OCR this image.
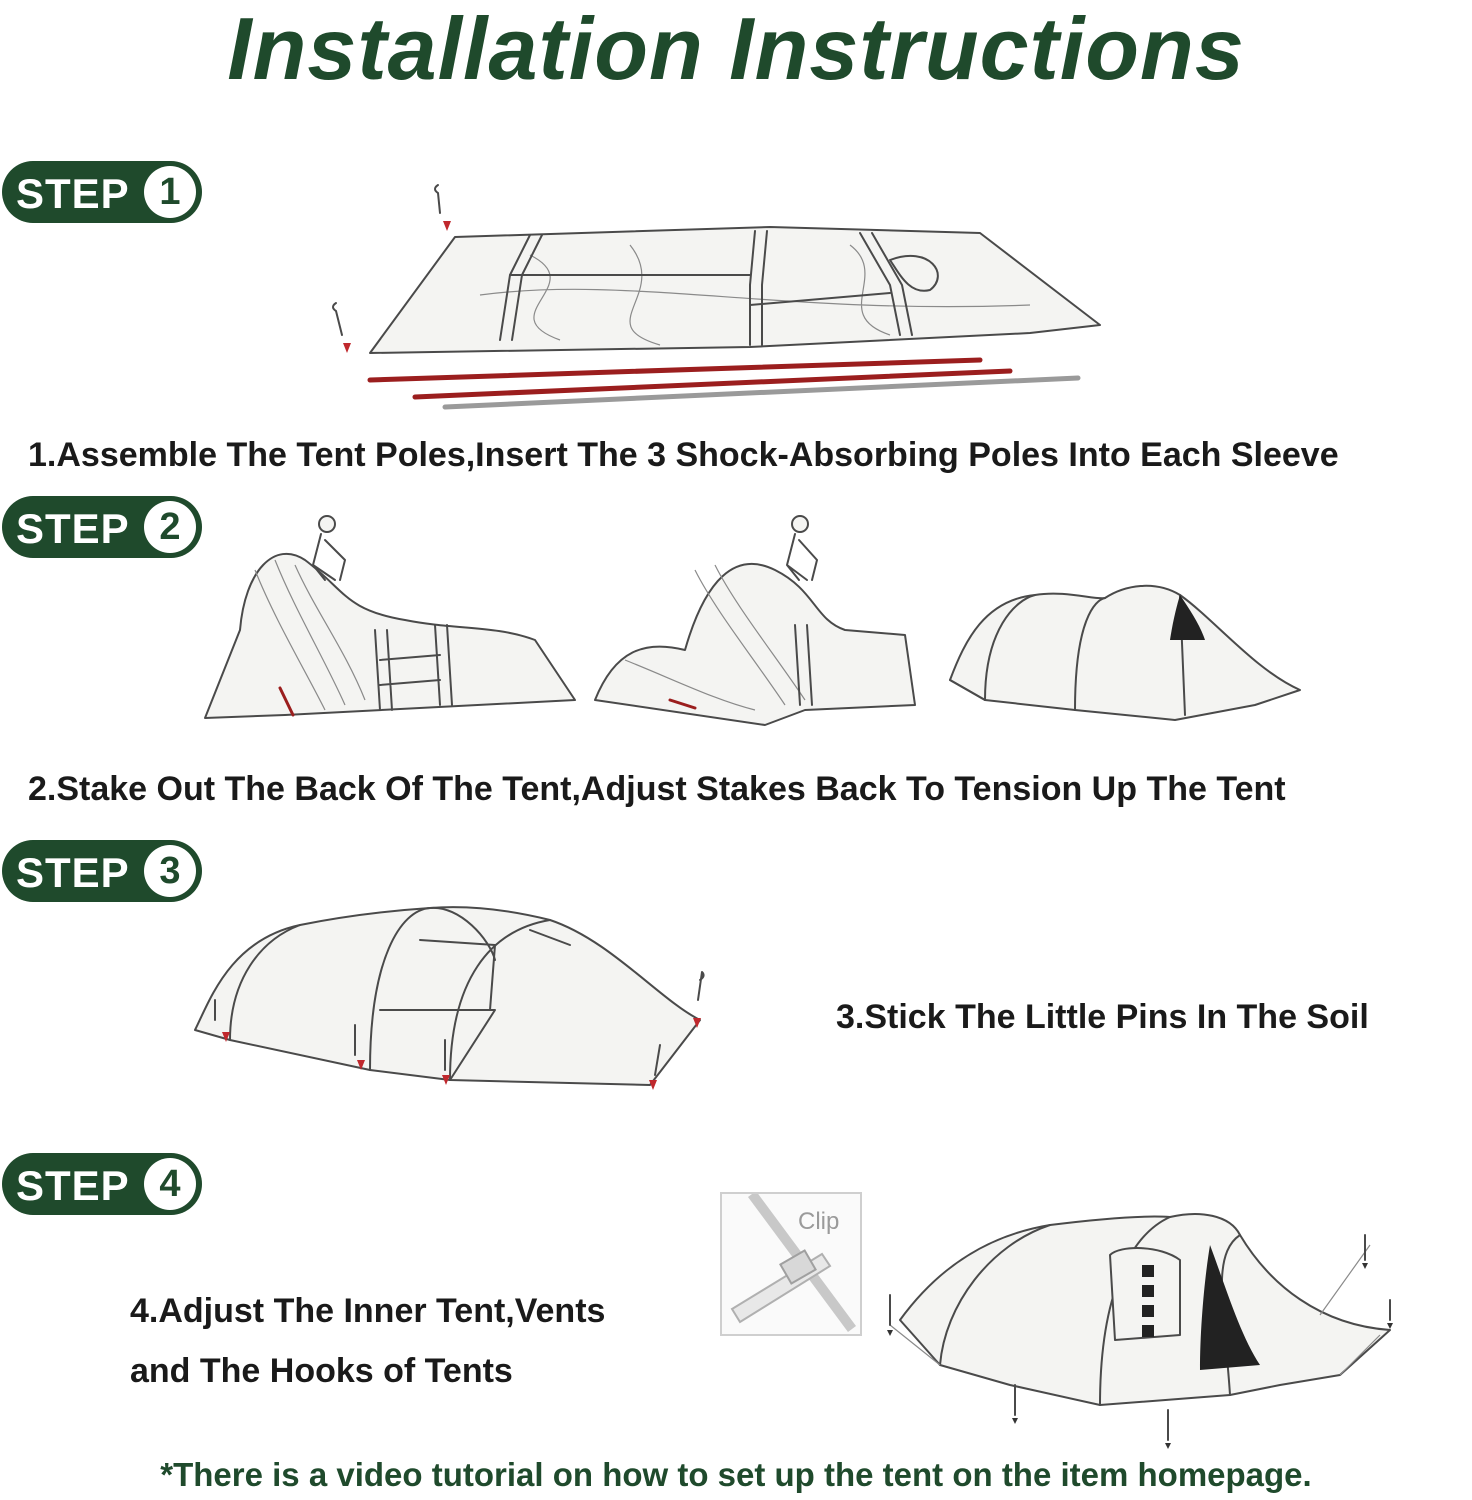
Installation Instructions
STEP 1
1.Assemble The Tent Poles,Insert The 3 Shock-Absorbing Poles Into Each Sleeve
STEP 2
2.Stake Out The Back Of The Tent,Adjust Stakes Back To Tension Up The Tent
STEP 3
3.Stick The Little Pins In The Soil
STEP 4
4.Adjust The Inner Tent,Vents
and The Hooks of Tents
Clip
*There is a video tutorial on how to set up the tent on the item homepage.
